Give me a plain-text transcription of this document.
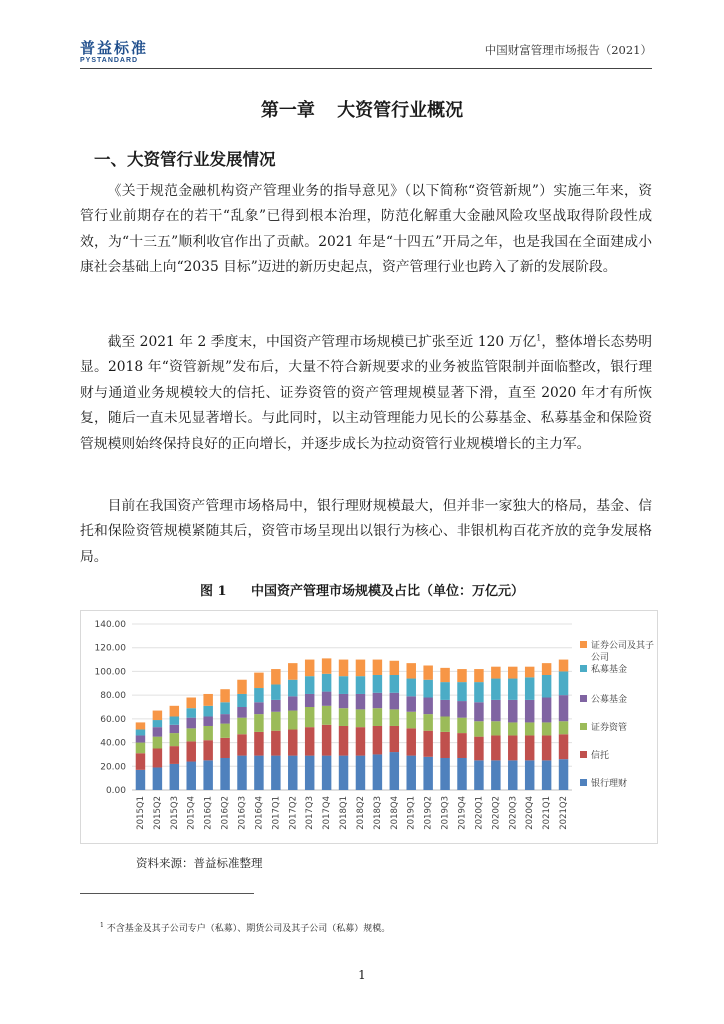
普益标准
PYSTANDARD
中国财富管理市场报告（2021）
第一章 大资管行业概况
一、大资管行业发展情况

《关于规范金融机构资产管理业务的指导意见》（以下简称“资管新规”）实施三年来，资管行业前期存在的若干“乱象”已得到根本治理，防范化解重大金融风险攻坚战取得阶段性成效，为“十三五”顺利收官作出了贡献。2021 年是“十四五”开局之年，也是我国在全面建成小康社会基础上向“2035 目标”迈进的新历史起点，资产管理行业也跨入了新的发展阶段。

截至 2021 年 2 季度末，中国资产管理市场规模已扩张至近 120 万亿$^1$，整体增长态势明显。2018 年“资管新规”发布后，大量不符合新规要求的业务被监管限制并面临整改，银行理财与通道业务规模较大的信托、证券资管的资产管理规模显著下滑，直至 2020 年才有所恢复，随后一直未见显著增长。与此同时，以主动管理能力见长的公募基金、私募基金和保险资管规模则始终保持良好的正向增长，并逐步成长为拉动资管行业规模增长的主力军。

目前在我国资产管理市场格局中，银行理财规模最大，但并非一家独大的格局，基金、信托和保险资管规模紧随其后，资管市场呈现出以银行为核心、非银机构百花齐放的竞争发展格局。

图 1 中国资产管理市场规模及占比（单位：万亿元）
0.00
20.00
40.00
60.00
80.00
100.00
120.00
140.00
2015Q1 2015Q2 2015Q3 2015Q4 2016Q1 2016Q2 2016Q3 2016Q4 2017Q1 2017Q2 2017Q3 2017Q4 2018Q1 2018Q2 2018Q3 2018Q4 2019Q1 2019Q2 2019Q3 2019Q4 2020Q1 2020Q2 2020Q3 2020Q4 2021Q1 2021Q2
证券公司及其子公司
私募基金
公募基金
证券资管
信托
银行理财
资料来源：普益标准整理
$^1$ 不含基金及其子公司专户（私募）、期货公司及其子公司（私募）规模。
1
